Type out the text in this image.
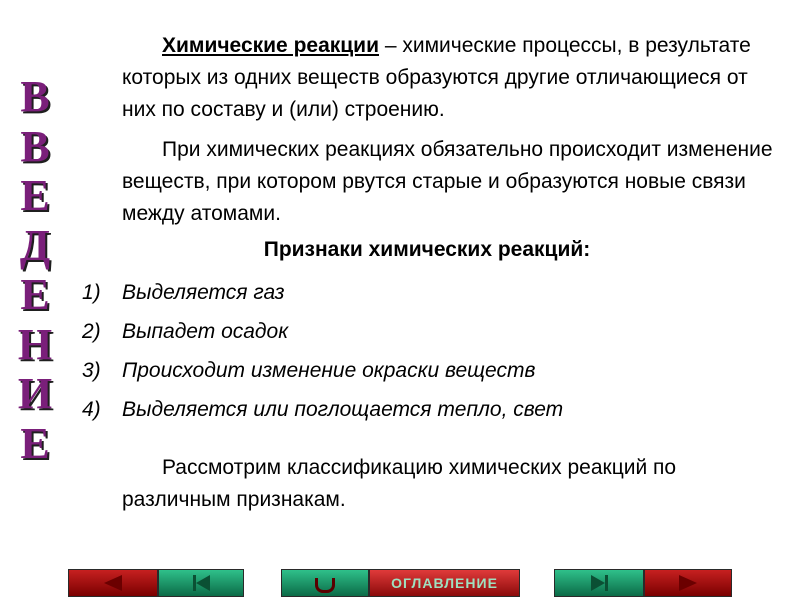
В
В
Е
Д
Е
Н
И
Е

Химические реакции – химические процессы, в результате которых из одних веществ образуются другие отличающиеся от них по составу и (или) строению.

При химических реакциях обязательно происходит изменение веществ, при котором рвутся старые и образуются новые связи между атомами.

Признаки химических реакций:
1)	Выделяется газ
2)	Выпадет осадок
3)	Происходит изменение окраски веществ
4)	Выделяется или поглощается тепло, свет

Рассмотрим классификацию химических реакций по различным признакам.

ОГЛАВЛЕНИЕ
